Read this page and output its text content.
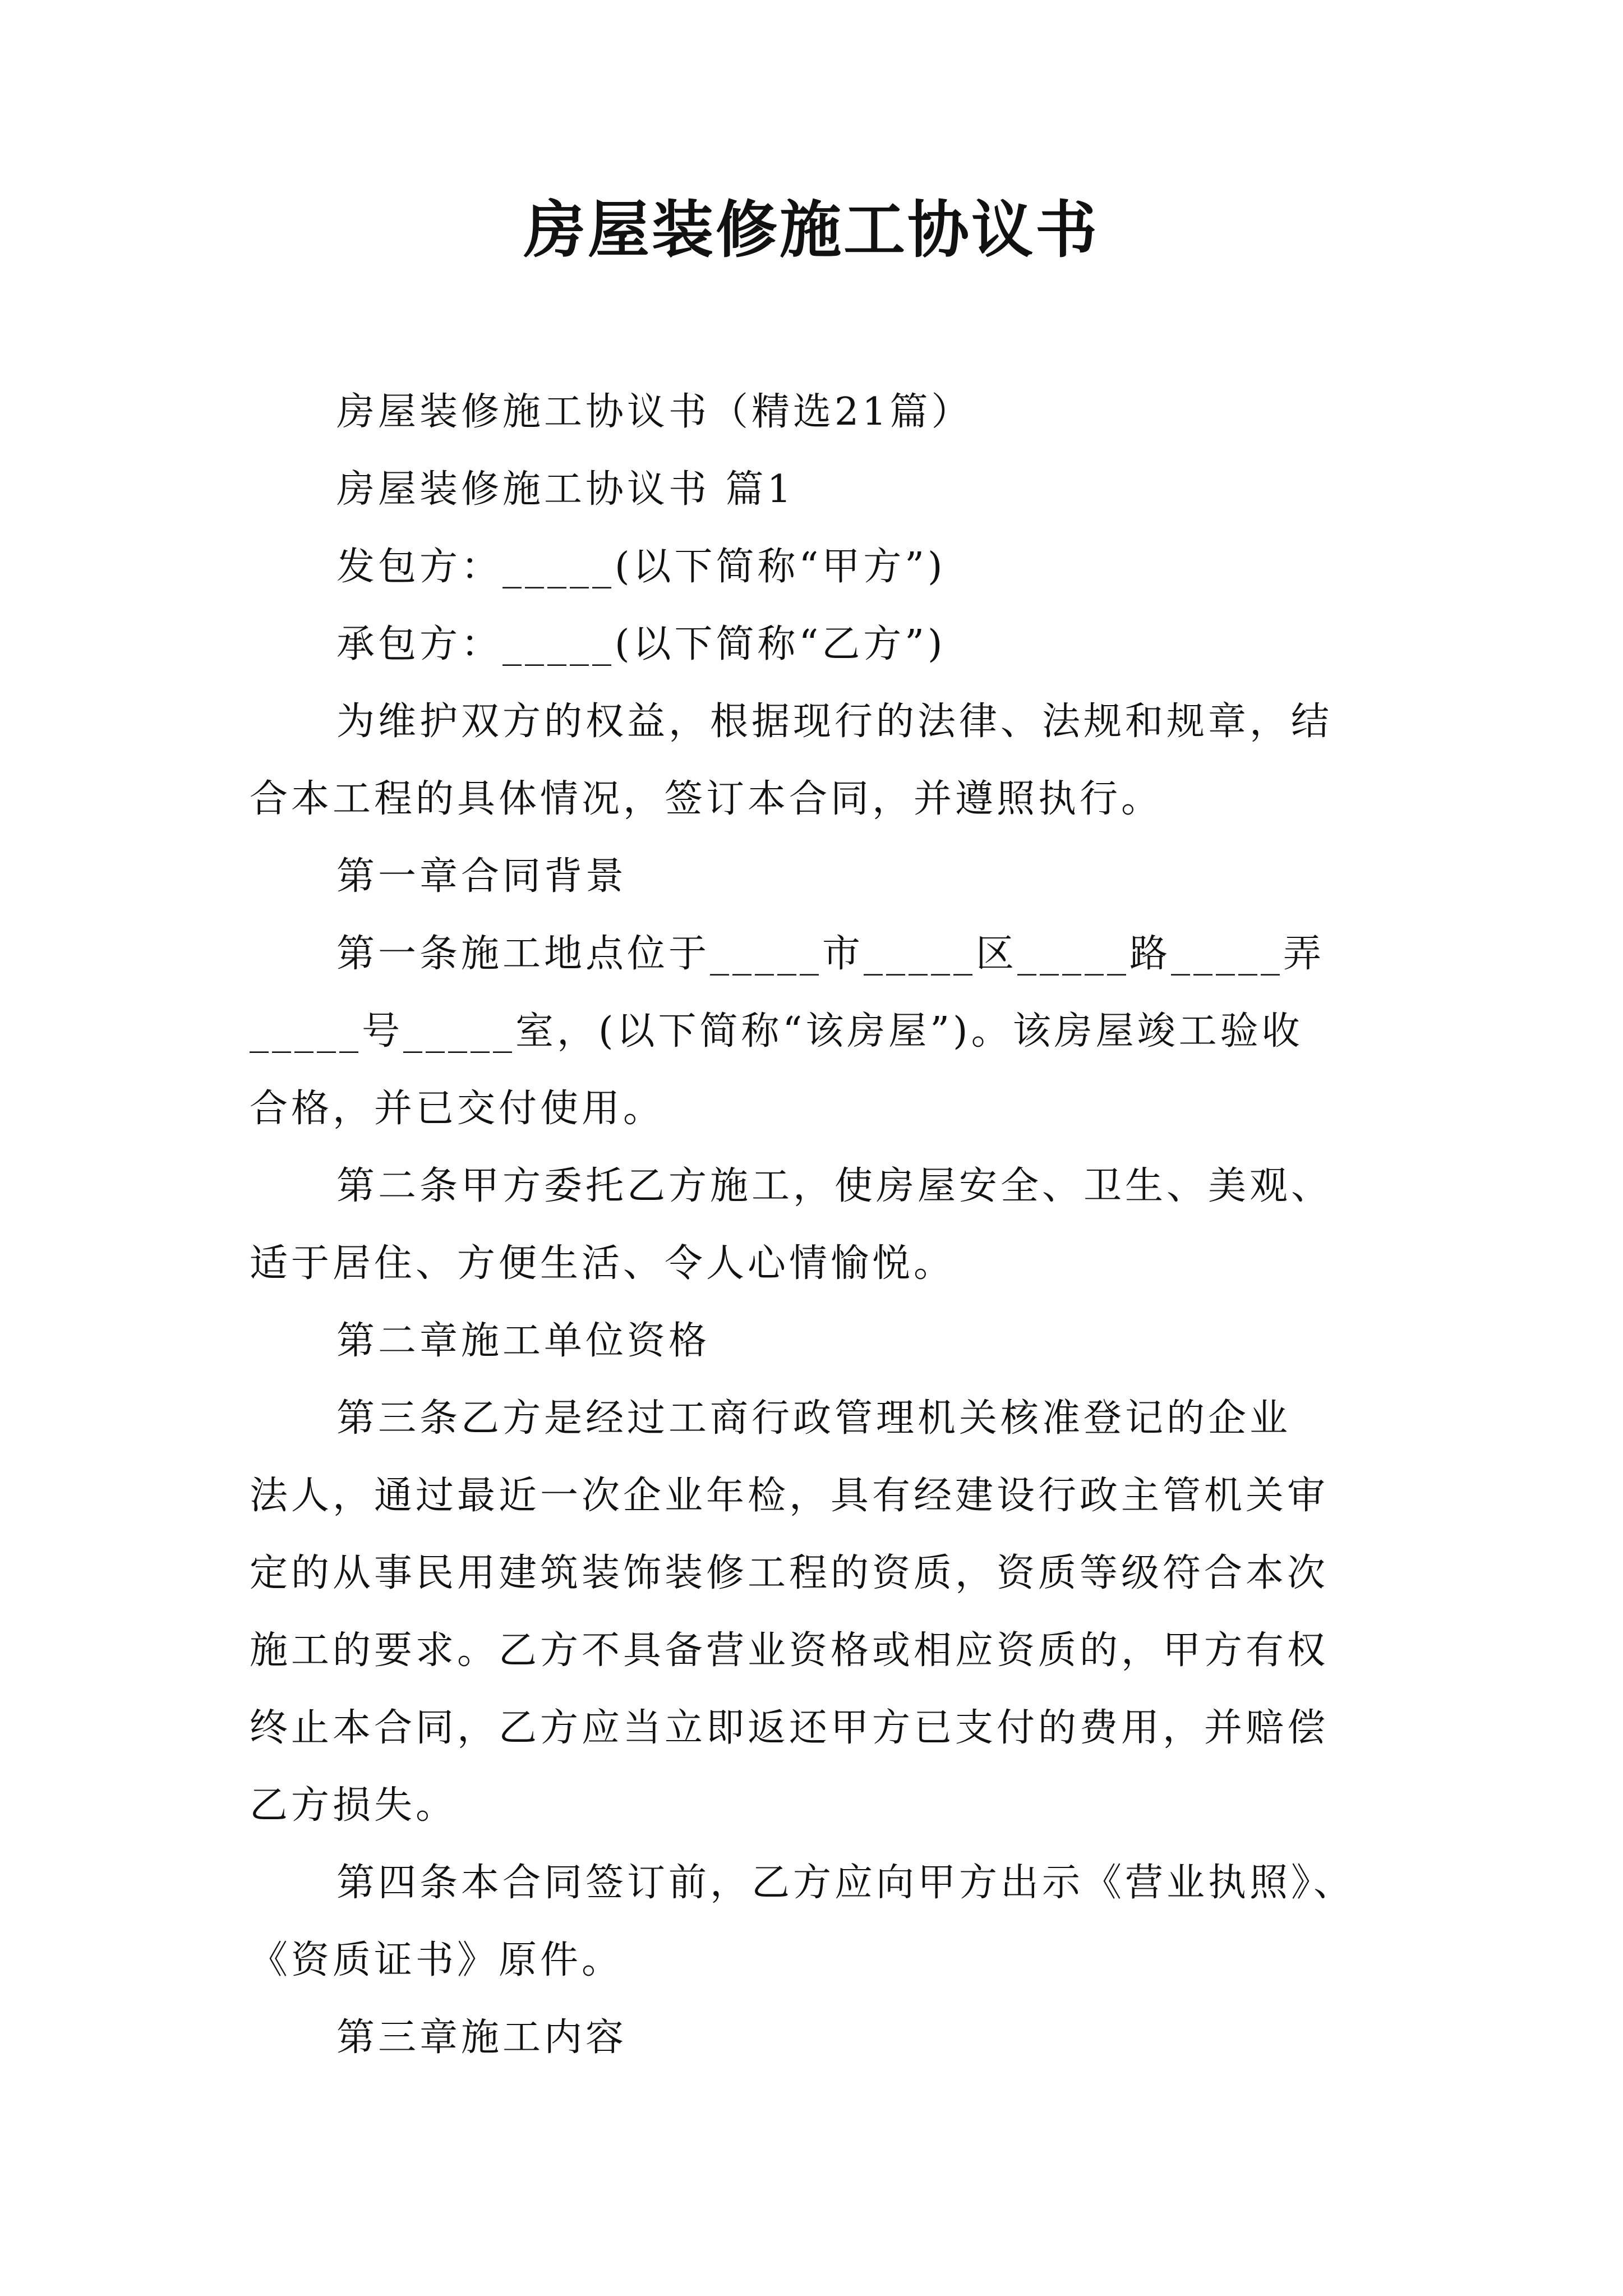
房屋装修施工协议书
房屋装修施工协议书（精选21篇）
房屋装修施工协议书 篇1
发包方：_____(以下简称“甲方”)
承包方：_____(以下简称“乙方”)
为维护双方的权益，根据现行的法律、法规和规章，结
合本工程的具体情况，签订本合同，并遵照执行。
第一章合同背景
第一条施工地点位于_____市_____区_____路_____弄
_____号_____室，(以下简称“该房屋”)。该房屋竣工验收
合格，并已交付使用。
第二条甲方委托乙方施工，使房屋安全、卫生、美观、
适于居住、方便生活、令人心情愉悦。
第二章施工单位资格
第三条乙方是经过工商行政管理机关核准登记的企业
法人，通过最近一次企业年检，具有经建设行政主管机关审
定的从事民用建筑装饰装修工程的资质，资质等级符合本次
施工的要求。乙方不具备营业资格或相应资质的，甲方有权
终止本合同，乙方应当立即返还甲方已支付的费用，并赔偿
乙方损失。
第四条本合同签订前，乙方应向甲方出示《营业执照》、
《资质证书》原件。
第三章施工内容
